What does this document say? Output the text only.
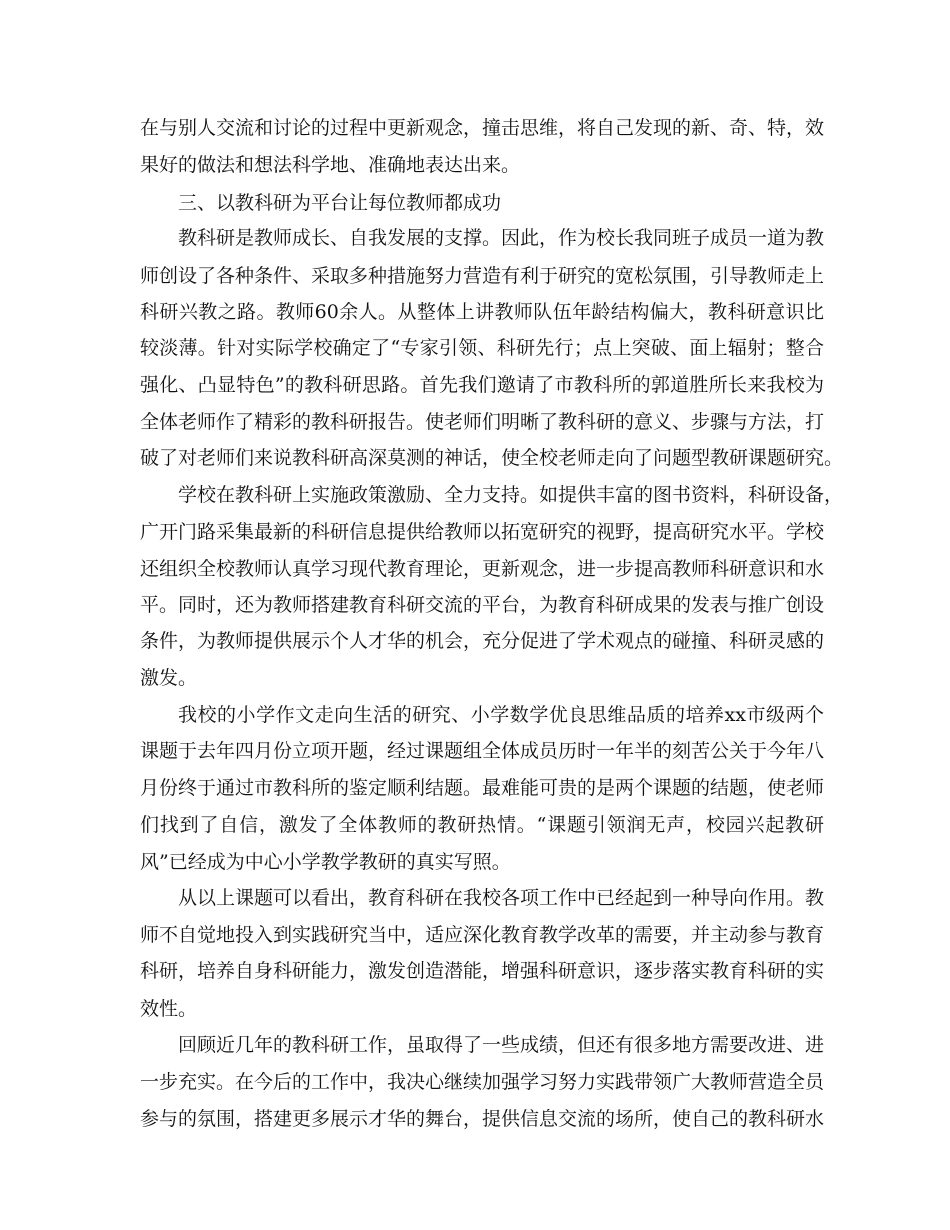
在与别人交流和讨论的过程中更新观念，撞击思维，将自己发现的新、奇、特，效
果好的做法和想法科学地、准确地表达出来。
三、以教科研为平台让每位教师都成功
教科研是教师成长、自我发展的支撑。因此，作为校长我同班子成员一道为教
师创设了各种条件、采取多种措施努力营造有利于研究的宽松氛围，引导教师走上
科研兴教之路。教师60余人。从整体上讲教师队伍年龄结构偏大，教科研意识比
较淡薄。针对实际学校确定了“专家引领、科研先行；点上突破、面上辐射；整合
强化、凸显特色”的教科研思路。首先我们邀请了市教科所的郭道胜所长来我校为
全体老师作了精彩的教科研报告。使老师们明晰了教科研的意义、步骤与方法，打
破了对老师们来说教科研高深莫测的神话，使全校老师走向了问题型教研课题研究。
学校在教科研上实施政策激励、全力支持。如提供丰富的图书资料，科研设备，
广开门路采集最新的科研信息提供给教师以拓宽研究的视野，提高研究水平。学校
还组织全校教师认真学习现代教育理论，更新观念，进一步提高教师科研意识和水
平。同时，还为教师搭建教育科研交流的平台，为教育科研成果的发表与推广创设
条件，为教师提供展示个人才华的机会，充分促进了学术观点的碰撞、科研灵感的
激发。
我校的小学作文走向生活的研究、小学数学优良思维品质的培养xx市级两个
课题于去年四月份立项开题，经过课题组全体成员历时一年半的刻苦公关于今年八
月份终于通过市教科所的鉴定顺利结题。最难能可贵的是两个课题的结题，使老师
们找到了自信，激发了全体教师的教研热情。“课题引领润无声，校园兴起教研
风”已经成为中心小学教学教研的真实写照。
从以上课题可以看出，教育科研在我校各项工作中已经起到一种导向作用。教
师不自觉地投入到实践研究当中，适应深化教育教学改革的需要，并主动参与教育
科研，培养自身科研能力，激发创造潜能，增强科研意识，逐步落实教育科研的实
效性。
回顾近几年的教科研工作，虽取得了一些成绩，但还有很多地方需要改进、进
一步充实。在今后的工作中，我决心继续加强学习努力实践带领广大教师营造全员
参与的氛围，搭建更多展示才华的舞台，提供信息交流的场所，使自己的教科研水
